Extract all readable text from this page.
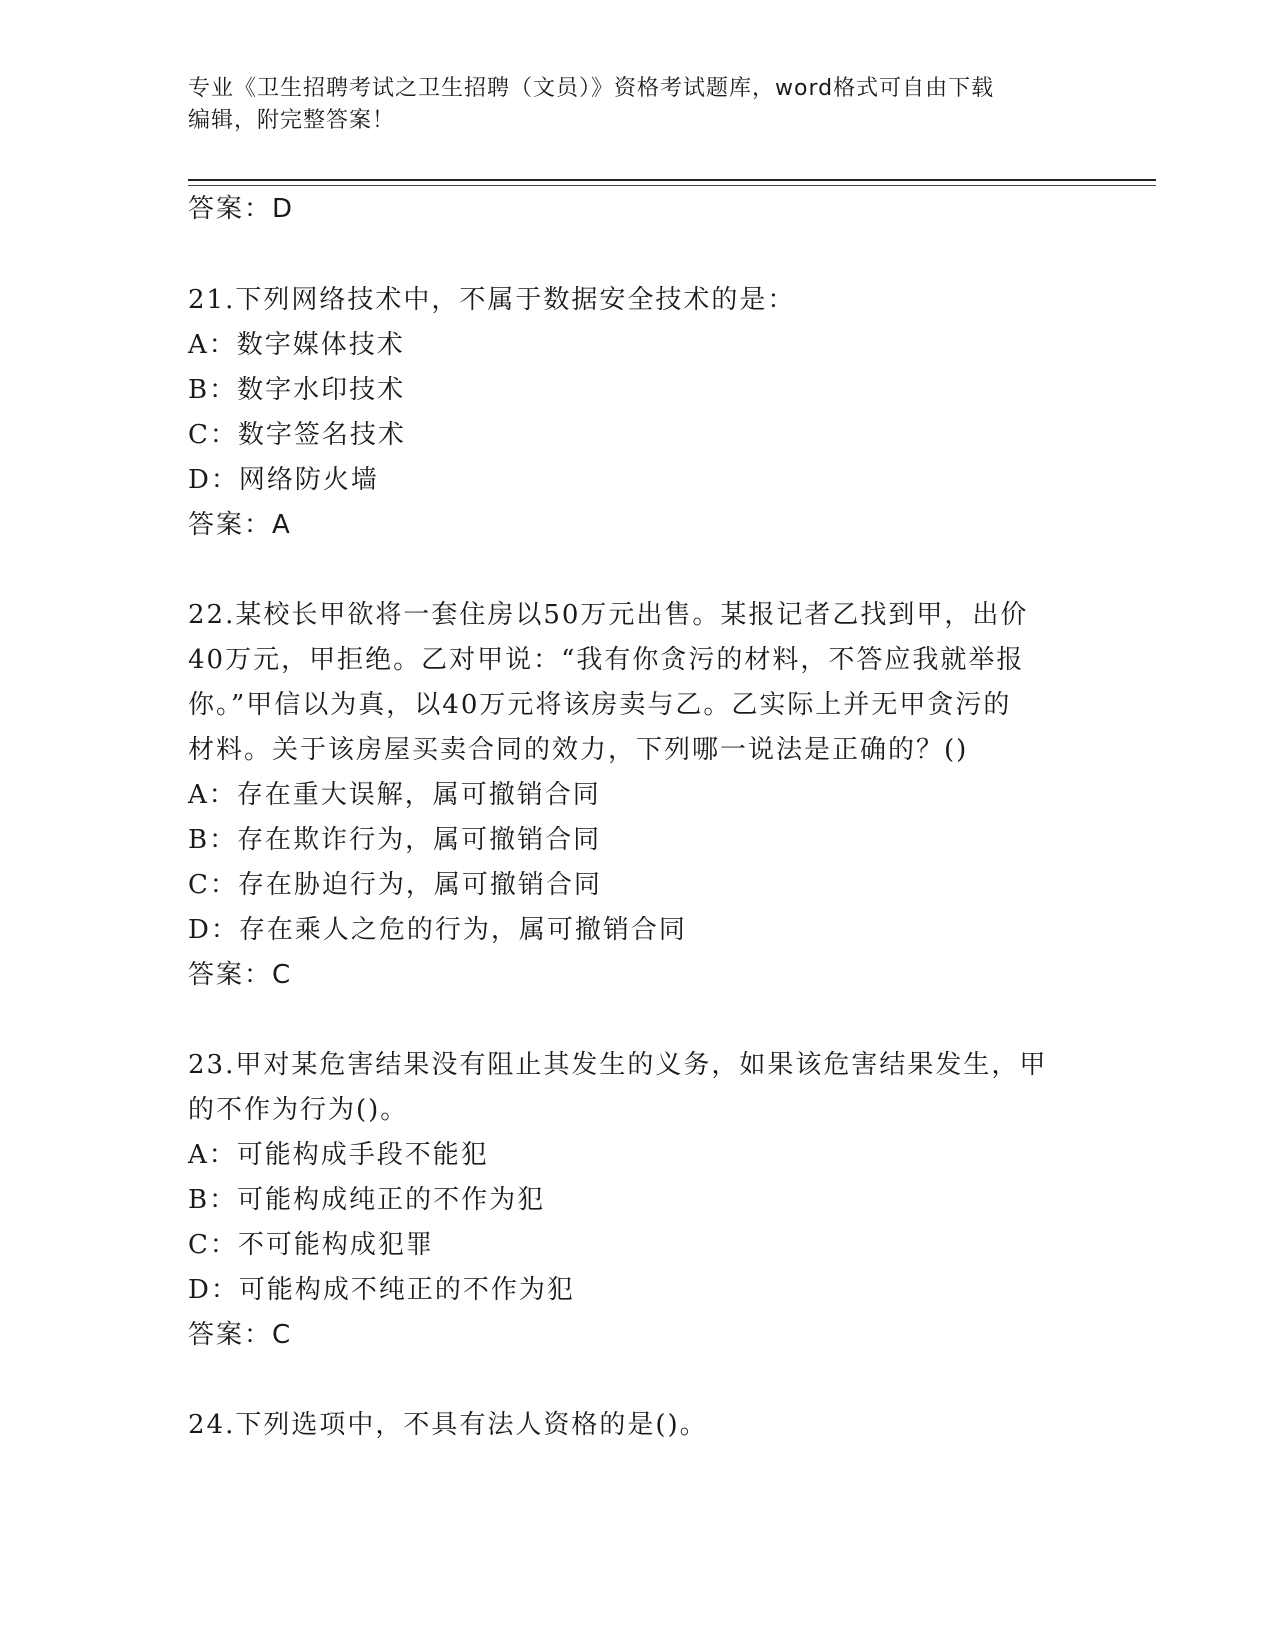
专业《卫生招聘考试之卫生招聘（文员）》资格考试题库，word格式可自由下载
编辑，附完整答案！
答案：D
21.下列网络技术中，不属于数据安全技术的是：
A：数字媒体技术
B：数字水印技术
C：数字签名技术
D：网络防火墙
答案：A
22.某校长甲欲将一套住房以50万元出售。某报记者乙找到甲，出价
40万元，甲拒绝。乙对甲说：“我有你贪污的材料，不答应我就举报
你。”甲信以为真，以40万元将该房卖与乙。乙实际上并无甲贪污的
材料。关于该房屋买卖合同的效力，下列哪一说法是正确的？()
A：存在重大误解，属可撤销合同
B：存在欺诈行为，属可撤销合同
C：存在胁迫行为，属可撤销合同
D：存在乘人之危的行为，属可撤销合同
答案：C
23.甲对某危害结果没有阻止其发生的义务，如果该危害结果发生，甲
的不作为行为()。
A：可能构成手段不能犯
B：可能构成纯正的不作为犯
C：不可能构成犯罪
D：可能构成不纯正的不作为犯
答案：C
24.下列选项中，不具有法人资格的是()。
